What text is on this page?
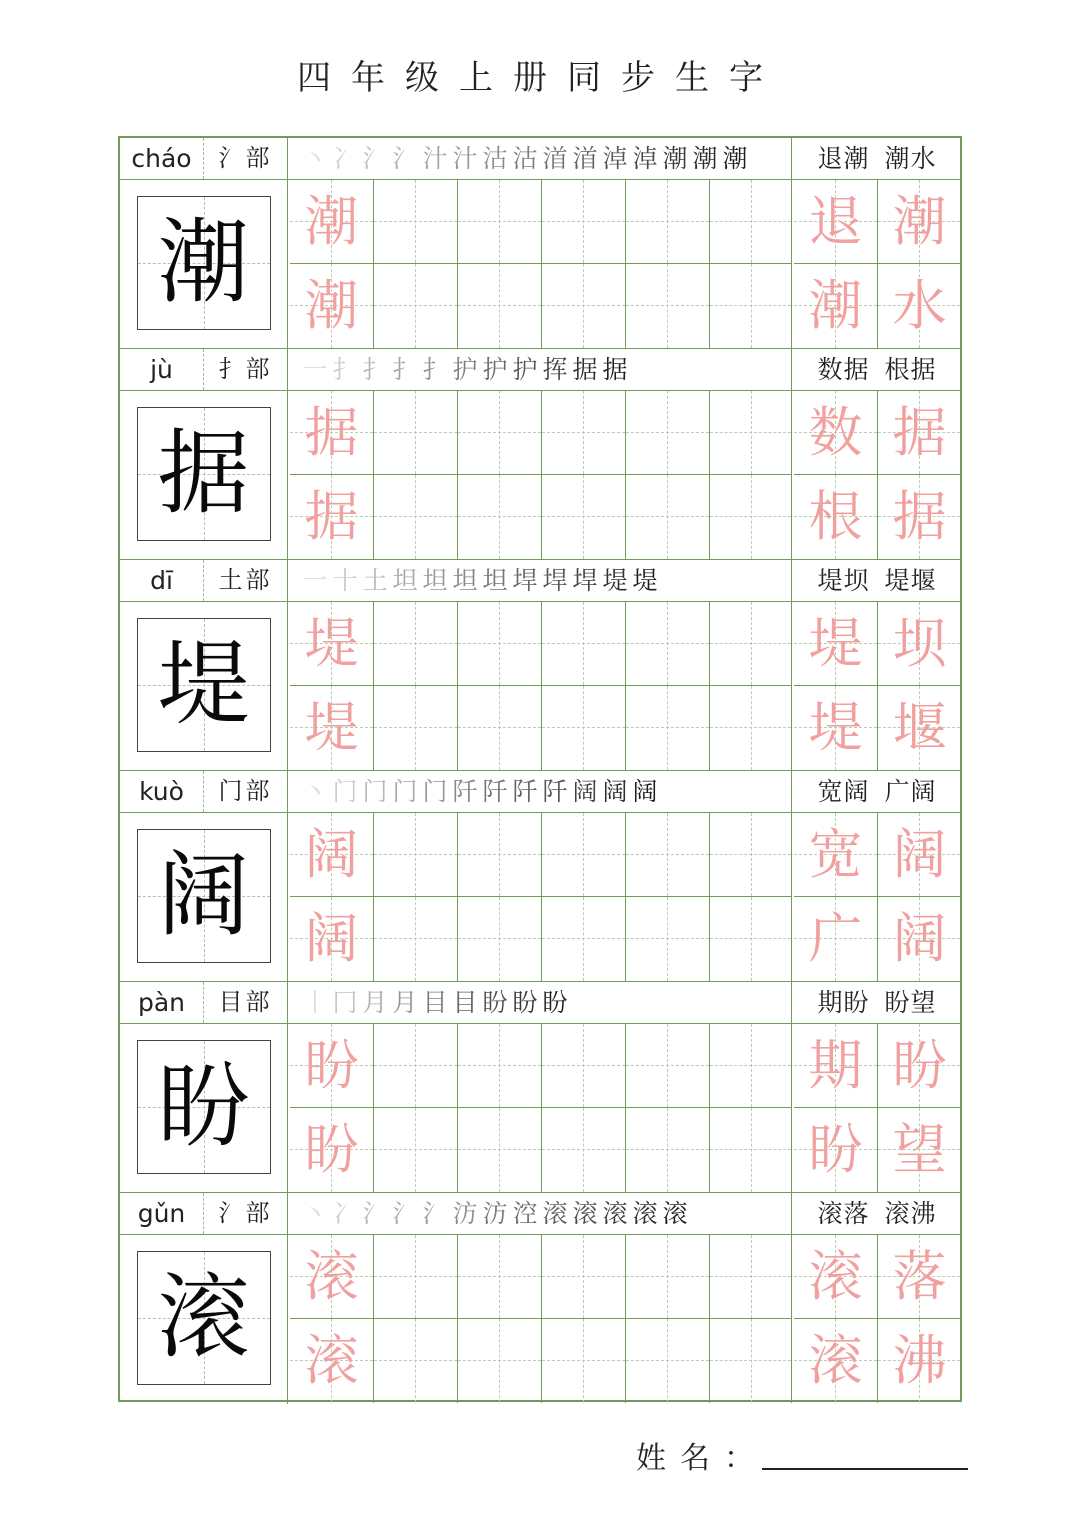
四年级上册同步生字
cháo	氵部	丶 冫 氵 氵 汁 汁 沽 沽 渞 渞 淖 淖 潮 潮 潮	退潮 潮水
潮	潮
潮
退 潮
潮 水
jù	扌部	一 扌 扌 扌 扌 护 护 护 挥 据 据	数据 根据
据	据
据
数 据
根 据
dī	土部	一 十 土 坦 坦 坦 坦 垾 垾 垾 堤 堤	堤坝 堤堰
堤	堤
堤
堤 坝
堤 堰
kuò	门部	丶 门 门 门 门 阡 阡 阡 阡 阔 阔 阔	宽阔 广阔
阔	阔
阔
宽 阔
广 阔
pàn	目部	丨 冂 月 月 目 目 盼 盼 盼	期盼 盼望
盼	盼
盼
期 盼
盼 望
gǔn	氵部	丶 冫 氵 氵 氵 汸 汸 涳 滚 滚 滚 滚 滚	滚落 滚沸
滚	滚
滚
滚 落
滚 沸
姓名：
